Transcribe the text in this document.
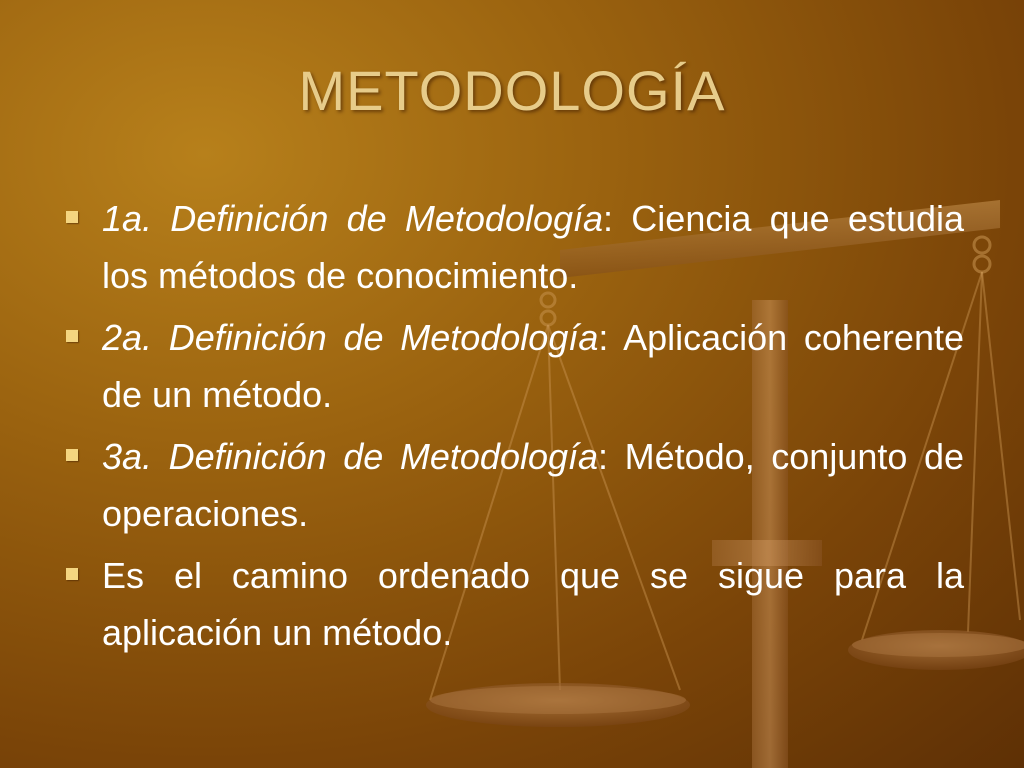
METODOLOGÍA
1a. Definición de Metodología: Ciencia que estudia los métodos de conocimiento.
2a. Definición de Metodología: Aplicación coherente de un método.
3a. Definición de Metodología: Método, conjunto de operaciones.
Es el camino ordenado que se sigue para la aplicación un método.
